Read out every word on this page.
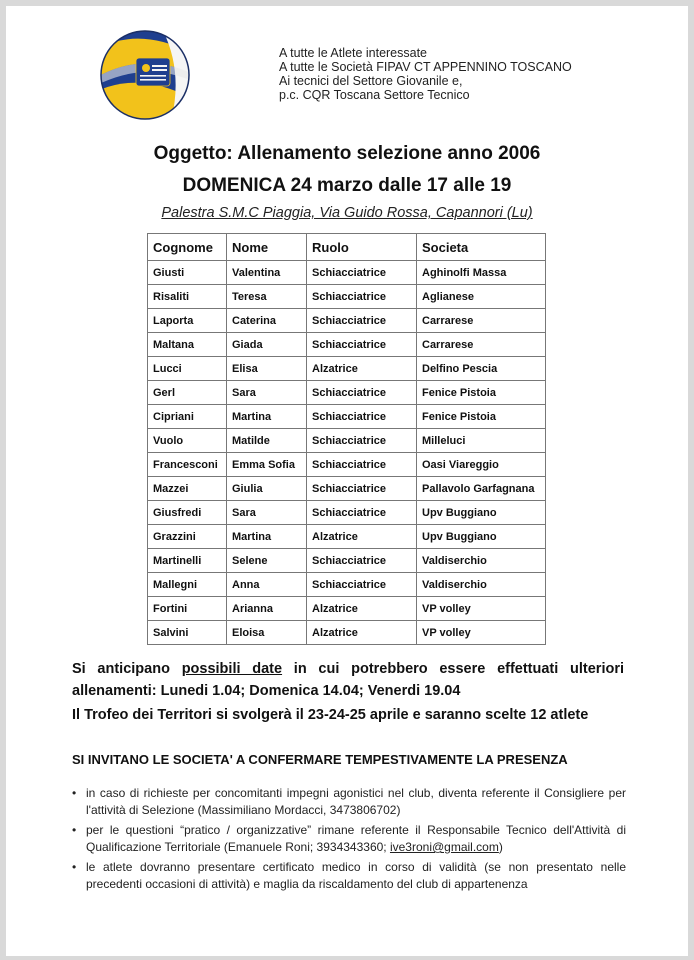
A tutte le Atlete interessate
A tutte le Società FIPAV CT APPENNINO TOSCANO
Ai tecnici del Settore Giovanile e,
p.c. CQR Toscana Settore Tecnico
Oggetto: Allenamento selezione anno 2006
DOMENICA 24 marzo dalle 17 alle 19
Palestra S.M.C Piaggia, Via Guido Rossa, Capannori (Lu)
Cognome	Nome	Ruolo	Societa
Giusti	Valentina	Schiacciatrice	Aghinolfi Massa
Risaliti	Teresa	Schiacciatrice	Aglianese
Laporta	Caterina	Schiacciatrice	Carrarese
Maltana	Giada	Schiacciatrice	Carrarese
Lucci	Elisa	Alzatrice	Delfino Pescia
Gerl	Sara	Schiacciatrice	Fenice Pistoia
Cipriani	Martina	Schiacciatrice	Fenice Pistoia
Vuolo	Matilde	Schiacciatrice	Milleluci
Francesconi	Emma Sofia	Schiacciatrice	Oasi Viareggio
Mazzei	Giulia	Schiacciatrice	Pallavolo Garfagnana
Giusfredi	Sara	Schiacciatrice	Upv Buggiano
Grazzini	Martina	Alzatrice	Upv Buggiano
Martinelli	Selene	Schiacciatrice	Valdiserchio
Mallegni	Anna	Schiacciatrice	Valdiserchio
Fortini	Arianna	Alzatrice	VP volley
Salvini	Eloisa	Alzatrice	VP volley
Si anticipano possibili date in cui potrebbero essere effettuati ulteriori allenamenti: Lunedi 1.04; Domenica 14.04; Venerdi 19.04
Il Trofeo dei Territori si svolgerà il 23-24-25 aprile e saranno scelte 12 atlete
SI INVITANO LE SOCIETA' A CONFERMARE TEMPESTIVAMENTE LA PRESENZA
• in caso di richieste per concomitanti impegni agonistici nel club, diventa referente il Consigliere per l'attività di Selezione (Massimiliano Mordacci, 3473806702)
• per le questioni “pratico / organizzative” rimane referente il Responsabile Tecnico dell'Attività di Qualificazione Territoriale (Emanuele Roni; 3934343360; ive3roni@gmail.com)
• le atlete dovranno presentare certificato medico in corso di validità (se non presentato nelle precedenti occasioni di attività) e maglia da riscaldamento del club di appartenenza
